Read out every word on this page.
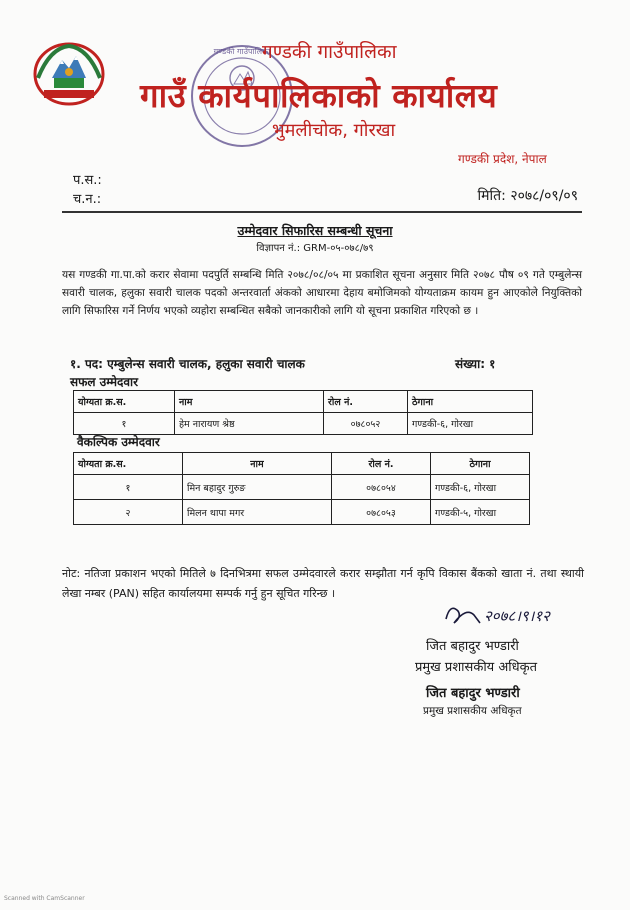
गण्डकी गाउँपालिका
गण्डकी गाउँपालिका
गाउँ कार्यपालिकाको कार्यालय
भुमलीचोक, गोरखा
गण्डकी प्रदेश, नेपाल
प.स.:
च.न.:	मिति: २०७८/०९/०९
उम्मेदवार सिफारिस सम्बन्धी सूचना
विज्ञापन नं.: GRM-०५-०७८/७९
यस गण्डकी गा.पा.को करार सेवामा पदपुर्ति सम्बन्धि मिति २०७८/०८/०५ मा प्रकाशित सूचना अनुसार मिति २०७८ पौष ०९ गते एम्बुलेन्स सवारी चालक, हलुका सवारी चालक पदको अन्तरवार्ता अंकको आधारमा देहाय बमोजिमको योग्यताक्रम कायम हुन आएकोले नियुक्तिको लागि सिफारिस गर्ने निर्णय भएको व्यहोरा सम्बन्धित सबैको जानकारीको लागि यो सूचना प्रकाशित गरिएको छ ।
१. पद: एम्बुलेन्स सवारी चालक, हलुका सवारी चालक	संख्या: १
सफल उम्मेदवार
योग्यता क्र.स.	नाम	रोल नं.	ठेगाना
१	हेम नारायण श्रेष्ठ	०७८०५२	गण्डकी-६, गोरखा
वैकल्पिक उम्मेदवार
योग्यता क्र.स.	नाम	रोल नं.	ठेगाना
१	मिन बहादुर गुरुङ	०७८०५४	गण्डकी-६, गोरखा
२	मिलन थापा मगर	०७८०५३	गण्डकी-५, गोरखा
नोट: नतिजा प्रकाशन भएको मितिले ७ दिनभित्रमा सफल उम्मेदवारले करार सम्झौता गर्न कृपि विकास बैंकको खाता नं. तथा स्थायी लेखा नम्बर (PAN) सहित कार्यालयमा सम्पर्क गर्नु हुन सूचित गरिन्छ ।
२०७८।९।१२
जित बहादुर भण्डारी
प्रमुख प्रशासकीय अधिकृत
जित बहादुर भण्डारी
प्रमुख प्रशासकीय अधिकृत
Scanned with CamScanner
